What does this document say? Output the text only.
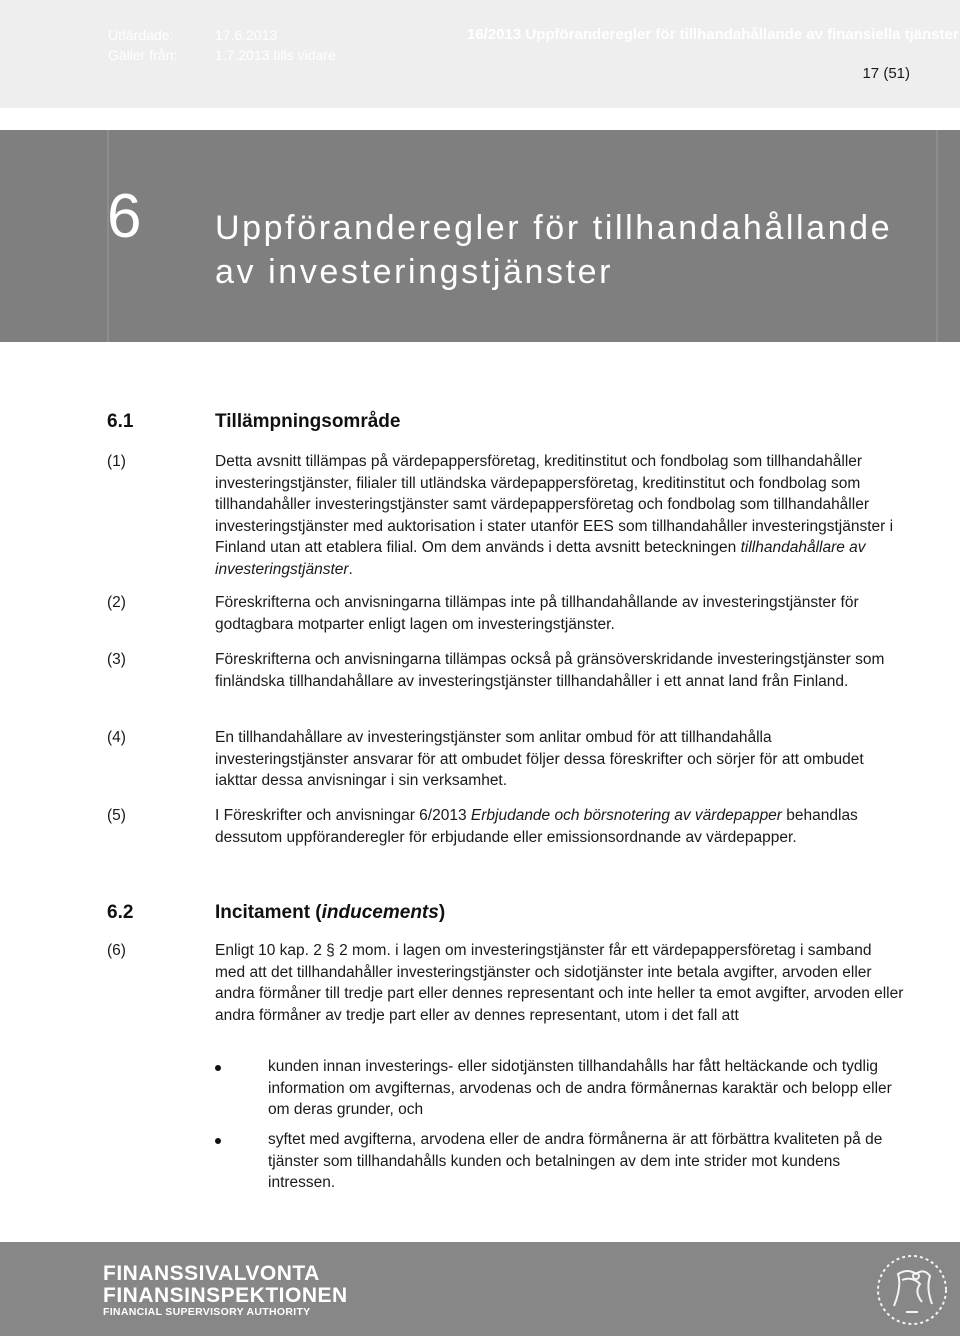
Utfärdade:	17.6.2013
Gäller från:	1.7.2013 tills vidare
16/2013 Uppföranderegler för tillhandahållande av finansiella tjänster
17 (51)
6 Uppföranderegler för tillhandahållande
av investeringstjänster
6.1	Tillämpningsområde
(1)	Detta avsnitt tillämpas på värdepappersföretag, kreditinstitut och fondbolag som tillhandahåller investeringstjänster, filialer till utländska värdepappersföretag, kreditinstitut och fondbolag som tillhandahåller investeringstjänster samt värdepappersföretag och fondbolag som tillhandahåller investeringstjänster med auktorisation i stater utanför EES som tillhandahåller investeringstjänster i Finland utan att etablera filial. Om dem används i detta avsnitt beteckningen tillhandahållare av investeringstjänster.
(2)	Föreskrifterna och anvisningarna tillämpas inte på tillhandahållande av investeringstjänster för godtagbara motparter enligt lagen om investeringstjänster.
(3)	Föreskrifterna och anvisningarna tillämpas också på gränsöverskridande investeringstjänster som finländska tillhandahållare av investeringstjänster tillhandahåller i ett annat land från Finland.
(4)	En tillhandahållare av investeringstjänster som anlitar ombud för att tillhandahålla investeringstjänster ansvarar för att ombudet följer dessa föreskrifter och sörjer för att ombudet iakttar dessa anvisningar i sin verksamhet.
(5)	I Föreskrifter och anvisningar 6/2013 Erbjudande och börsnotering av värdepapper behandlas dessutom uppföranderegler för erbjudande eller emissionsordnande av värdepapper.
6.2	Incitament (inducements)
(6)	Enligt 10 kap. 2 § 2 mom. i lagen om investeringstjänster får ett värdepappersföretag i samband med att det tillhandahåller investeringstjänster och sidotjänster inte betala avgifter, arvoden eller andra förmåner till tredje part eller dennes representant och inte heller ta emot avgifter, arvoden eller andra förmåner av tredje part eller av dennes representant, utom i det fall att
kunden innan investerings- eller sidotjänsten tillhandahålls har fått heltäckande och tydlig information om avgifternas, arvodenas och de andra förmånernas karaktär och belopp eller om deras grunder, och
syftet med avgifterna, arvodena eller de andra förmånerna är att förbättra kvaliteten på de tjänster som tillhandahålls kunden och betalningen av dem inte strider mot kundens intressen.
FINANSSIVALVONTA
FINANSINSPEKTIONEN
FINANCIAL SUPERVISORY AUTHORITY
